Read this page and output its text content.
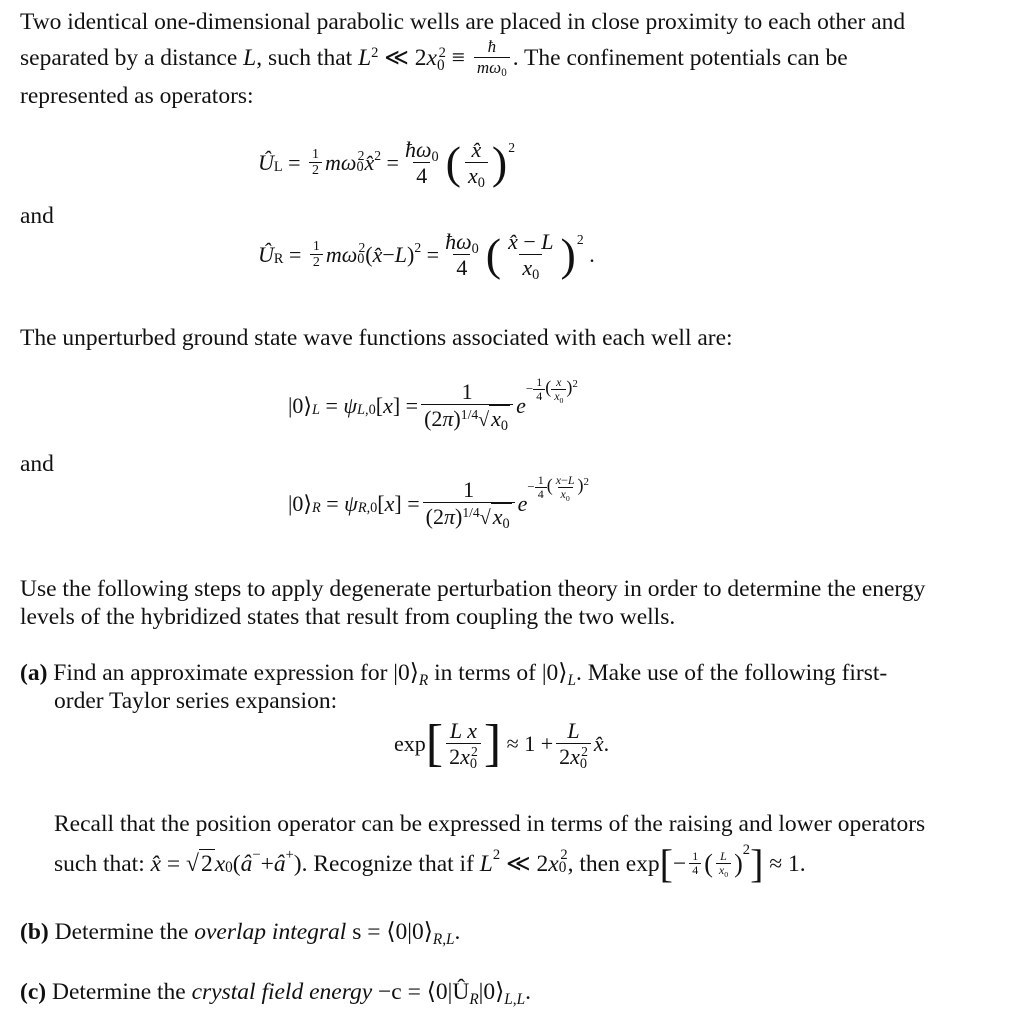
Two identical one-dimensional parabolic wells are placed in close proximity to each other and
separated by a distance L, such that $L^2$ ≪ $2x0^2 \equiv \frac{ħ}{m\omega 0}$ . The confinement potentials can be
represented as operators:
Û $L = \frac{1}{2}$ mω 0
2 x̂ $2 = \frac{ħ\omega 0}{4}$ ( $\frac{x̂}{x0}$ ) 2
and
Û $R = \frac{1}{2}$ mω 0
2 ( x̂ − L ) $2 = \frac{ħ\omega 0}{4}$ ( $\frac{x̂ - L}{x0}$ ) 2
.
The unperturbed ground state wave functions associated with each well are:
|0⟩ L = ψ L,0 [ x ] = $\frac{1}{(2\pi)^{1/4}√x0}$ e
− $\frac{1}{4}$ ( $\frac{x}{x0} )^2$
and
|0⟩ R = ψ R,0 [ x ] = $\frac{1}{(2\pi)^{1/4}√x0}$ e
− $\frac{1}{4}$ ( $\frac{x-L}{x0} )^2$
Use the following steps to apply degenerate perturbation theory in order to determine the energy
levels of the hybridized states that result from coupling the two wells.
(a) Find an approximate expression for |0⟩R in terms of |0⟩L. Make use of the following first-
order Taylor series expansion:
exp [ $\frac{\text{L x}}{2x0^2}$ ] ≈ $1 + \frac{L}{2x0^2}$ x̂ .
Recall that the position operator can be expressed in terms of the raising and lower operators
such that:
x̂ = √ 2 x 0 ( â − + â + ) . Recognize that if
L 2 ≪ 2 x 0
2 , then exp [ − $\frac{1}{4}$ ( $\frac{L}{x0}$ ) 2 ]
≈ 1.
(b) Determine the overlap integral s = ⟨0|0⟩R,L.
(c) Determine the crystal field energy −c = ⟨0|ÛR|0⟩L,L.
